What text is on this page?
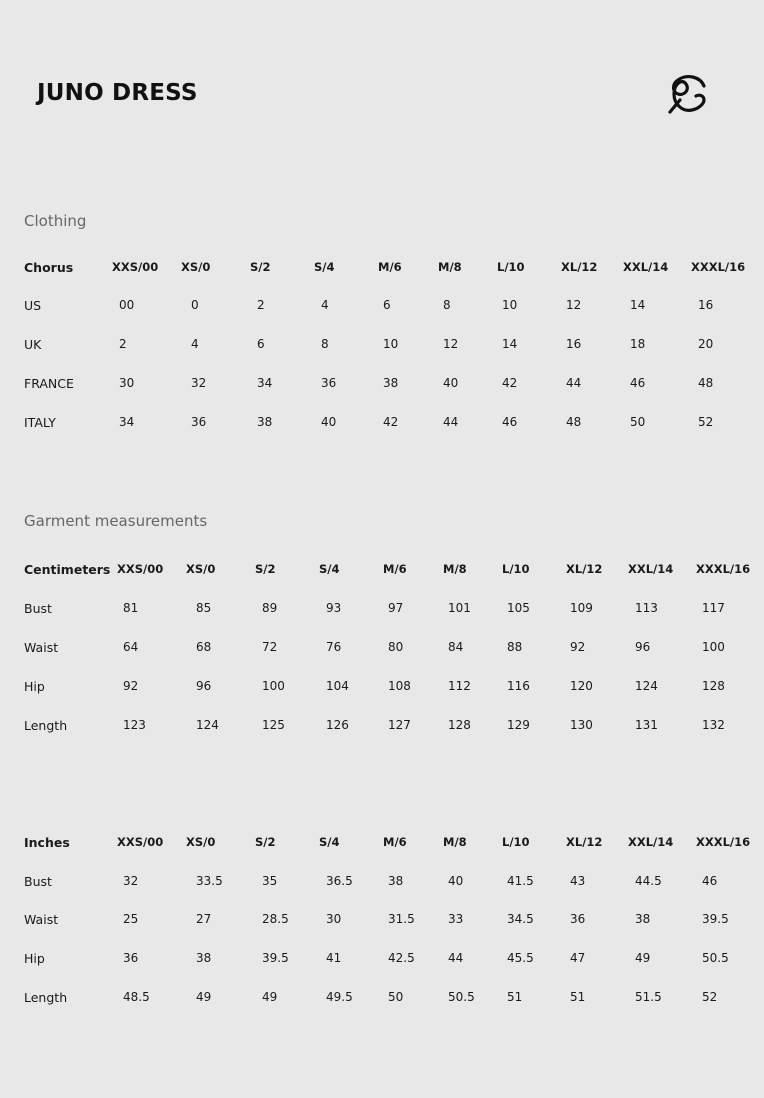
JUNO DRESS
Clothing
Chorus	XXS/00 XS/0	S/2	S/4	M/6	M/8	L/10	XL/12 XXL/14 XXXL/16
US	00	0	2	4	6	8	10	12	14	16
UK	2	4	6	8	10	12	14	16	18	20
FRANCE	30	32	34	36	38	40	42	44	46	48
ITALY	34	36	38	40	42	44	46	48	50	52
Garment measurements
Centimeters XXS/00 XS/0	S/2	S/4	M/6	M/8	L/10	XL/12 XXL/14 XXXL/16
Bust	81	85	89	93	97	101	105	109	113	117
Waist	64	68	72	76	80	84	88	92	96	100
Hip	92	96	100	104	108	112	116	120	124	128
Length	123	124	125	126	127	128	129	130	131	132
Inches	XXS/00 XS/0	S/2	S/4	M/6	M/8	L/10	XL/12 XXL/14 XXXL/16
Bust	32	33.5	35	36.5	38	40	41.5	43	44.5	46
Waist	25	27	28.5	30	31.5	33	34.5	36	38	39.5
Hip	36	38	39.5	41	42.5	44	45.5	47	49	50.5
Length	48.5	49	49	49.5	50	50.5	51	51	51.5	52
